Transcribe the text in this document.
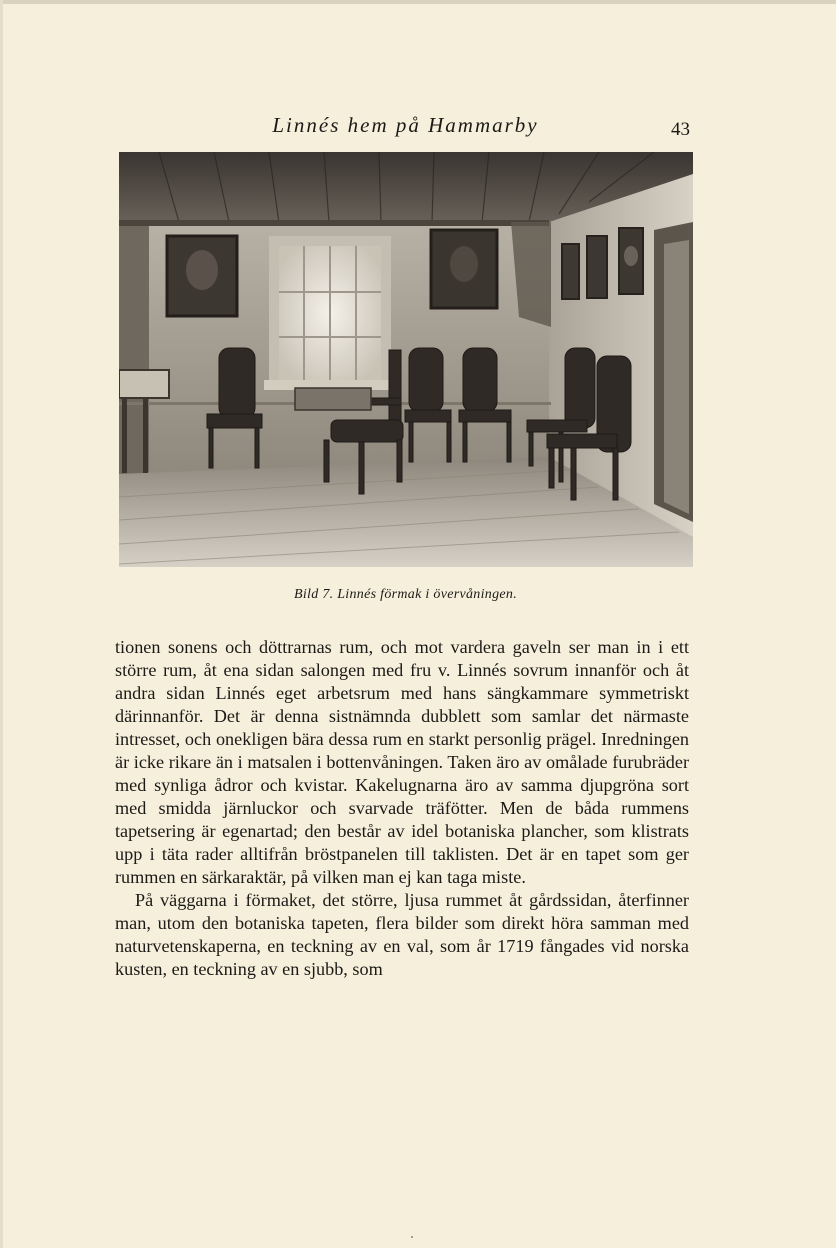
Linnés hem på Hammarby	43
Bild 7. Linnés förmak i övervåningen.

tionen sonens och döttrarnas rum, och mot vardera gaveln ser man in i ett större rum, åt ena sidan salongen med fru v. Linnés sovrum innanför och åt andra sidan Linnés eget arbetsrum med hans sängkammare symmetriskt därinnanför. Det är denna sistnämnda dubblett som samlar det närmaste intresset, och onekligen bära dessa rum en starkt personlig prägel. Inredningen är icke rikare än i matsalen i bottenvåningen. Taken äro av omålade furubräder med synliga ådror och kvistar. Kakelugnarna äro av samma djupgröna sort med smidda järnluckor och svarvade träfötter. Men de båda rummens tapetsering är egenartad; den består av idel botaniska plancher, som klistrats upp i täta rader alltifrån bröstpanelen till taklisten. Det är en tapet som ger rummen en särkaraktär, på vilken man ej kan taga miste.

På väggarna i förmaket, det större, ljusa rummet åt gårdssidan, återfinner man, utom den botaniska tapeten, flera bilder som direkt höra samman med naturvetenskaperna, en teckning av en val, som år 1719 fångades vid norska kusten, en teckning av en sjubb, som
